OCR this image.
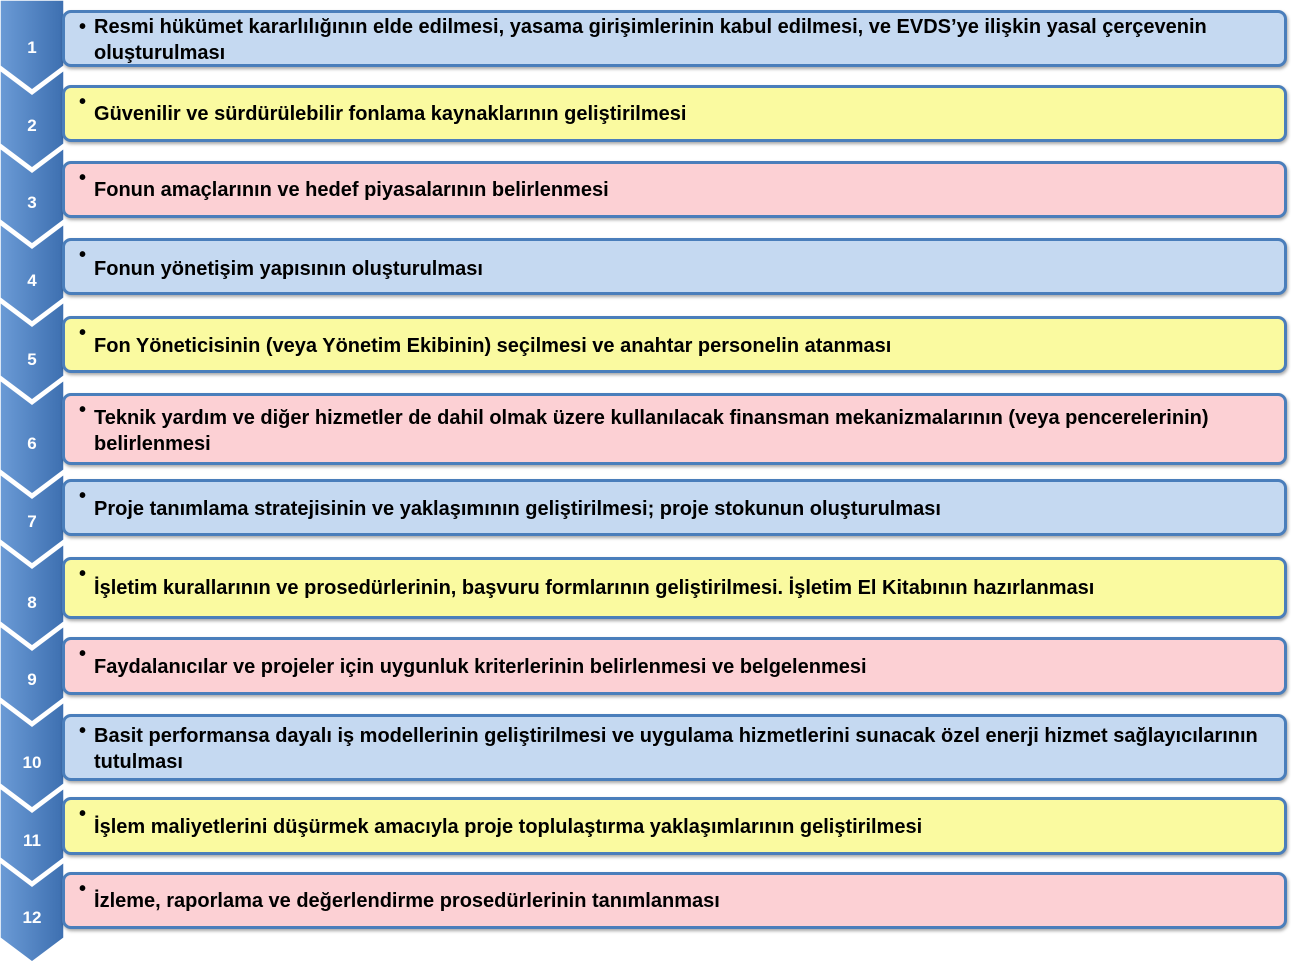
1
• Resmi hükümet kararlılığının elde edilmesi, yasama girişimlerinin kabul edilmesi, ve EVDS’ye ilişkin yasal çerçevenin oluşturulması
2
•
Güvenilir ve sürdürülebilir fonlama kaynaklarının geliştirilmesi
3
•
Fonun amaçlarının ve hedef piyasalarının belirlenmesi
4
•
Fonun yönetişim yapısının oluşturulması
5
•
Fon Yöneticisinin (veya Yönetim Ekibinin) seçilmesi ve anahtar personelin atanması
6
• Teknik yardım ve diğer hizmetler de dahil olmak üzere kullanılacak finansman mekanizmalarının (veya pencerelerinin) belirlenmesi
7
•
Proje tanımlama stratejisinin ve yaklaşımının geliştirilmesi; proje stokunun oluşturulması
8
•
İşletim kurallarının ve prosedürlerinin, başvuru formlarının geliştirilmesi. İşletim El Kitabının hazırlanması
9
•
Faydalanıcılar ve projeler için uygunluk kriterlerinin belirlenmesi ve belgelenmesi
10
• Basit performansa dayalı iş modellerinin geliştirilmesi ve uygulama hizmetlerini sunacak özel enerji hizmet sağlayıcılarının tutulması
11
•
İşlem maliyetlerini düşürmek amacıyla proje toplulaştırma yaklaşımlarının geliştirilmesi
12
•
İzleme, raporlama ve değerlendirme prosedürlerinin tanımlanması
